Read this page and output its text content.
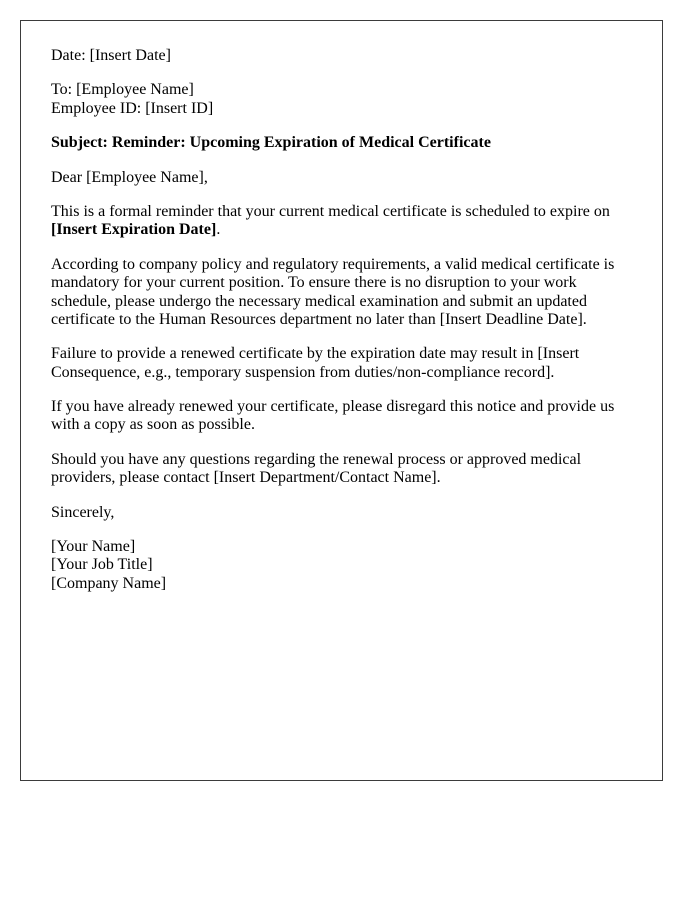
Date: [Insert Date]

To: [Employee Name]
Employee ID: [Insert ID]

Subject: Reminder: Upcoming Expiration of Medical Certificate

Dear [Employee Name],

This is a formal reminder that your current medical certificate is scheduled to expire on
[Insert Expiration Date].

According to company policy and regulatory requirements, a valid medical certificate is
mandatory for your current position. To ensure there is no disruption to your work
schedule, please undergo the necessary medical examination and submit an updated
certificate to the Human Resources department no later than [Insert Deadline Date].

Failure to provide a renewed certificate by the expiration date may result in [Insert
Consequence, e.g., temporary suspension from duties/non-compliance record].

If you have already renewed your certificate, please disregard this notice and provide us
with a copy as soon as possible.

Should you have any questions regarding the renewal process or approved medical
providers, please contact [Insert Department/Contact Name].

Sincerely,

[Your Name]
[Your Job Title]
[Company Name]
